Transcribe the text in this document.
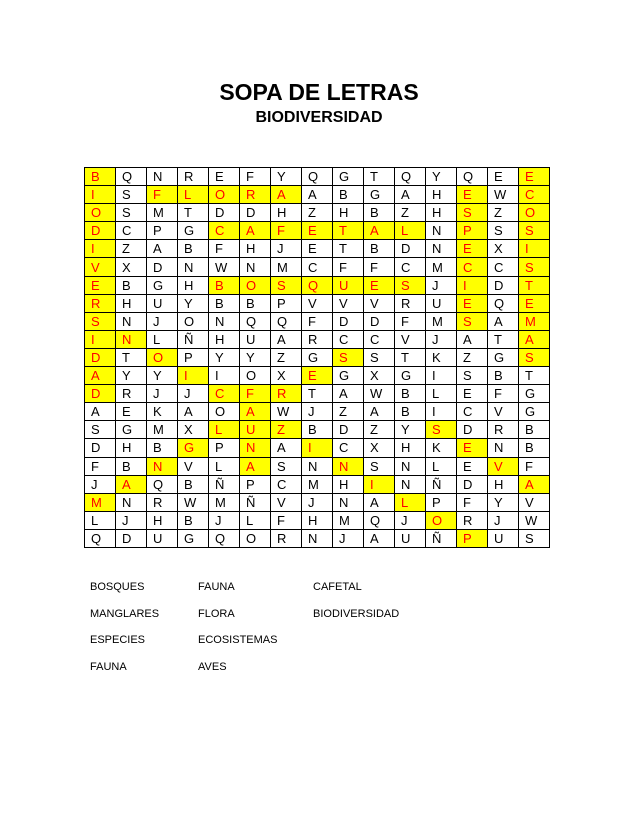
SOPA DE LETRAS
BIODIVERSIDAD
B	Q	N	R	E	F	Y	Q	G	T	Q	Y	Q	E	E
I	S	F	L	O	R	A	A	B	G	A	H	E	W	C
O	S	M	T	D	D	H	Z	H	B	Z	H	S	Z	O
D	C	P	G	C	A	F	E	T	A	L	N	P	S	S
I	Z	A	B	F	H	J	E	T	B	D	N	E	X	I
V	X	D	N	W	N	M	C	F	F	C	M	C	C	S
E	B	G	H	B	O	S	Q	U	E	S	J	I	D	T
R	H	U	Y	B	B	P	V	V	V	R	U	E	Q	E
S	N	J	O	N	Q	Q	F	D	D	F	M	S	A	M
I	N	L	Ñ	H	U	A	R	C	C	V	J	A	T	A
D	T	O	P	Y	Y	Z	G	S	S	T	K	Z	G	S
A	Y	Y	I	I	O	X	E	G	X	G	I	S	B	T
D	R	J	J	C	F	R	T	A	W	B	L	E	F	G
A	E	K	A	O	A	W	J	Z	A	B	I	C	V	G
S	G	M	X	L	U	Z	B	D	Z	Y	S	D	R	B
D	H	B	G	P	N	A	I	C	X	H	K	E	N	B
F	B	N	V	L	A	S	N	N	S	N	L	E	V	F
J	A	Q	B	Ñ	P	C	M	H	I	N	Ñ	D	H	A
M	N	R	W	M	Ñ	V	J	N	A	L	P	F	Y	V
L	J	H	B	J	L	F	H	M	Q	J	O	R	J	W
Q	D	U	G	Q	O	R	N	J	A	U	Ñ	P	U	S
BOSQUES	FAUNA	CAFETAL
MANGLARES	FLORA	BIODIVERSIDAD
ESPECIES	ECOSISTEMAS
FAUNA	AVES
